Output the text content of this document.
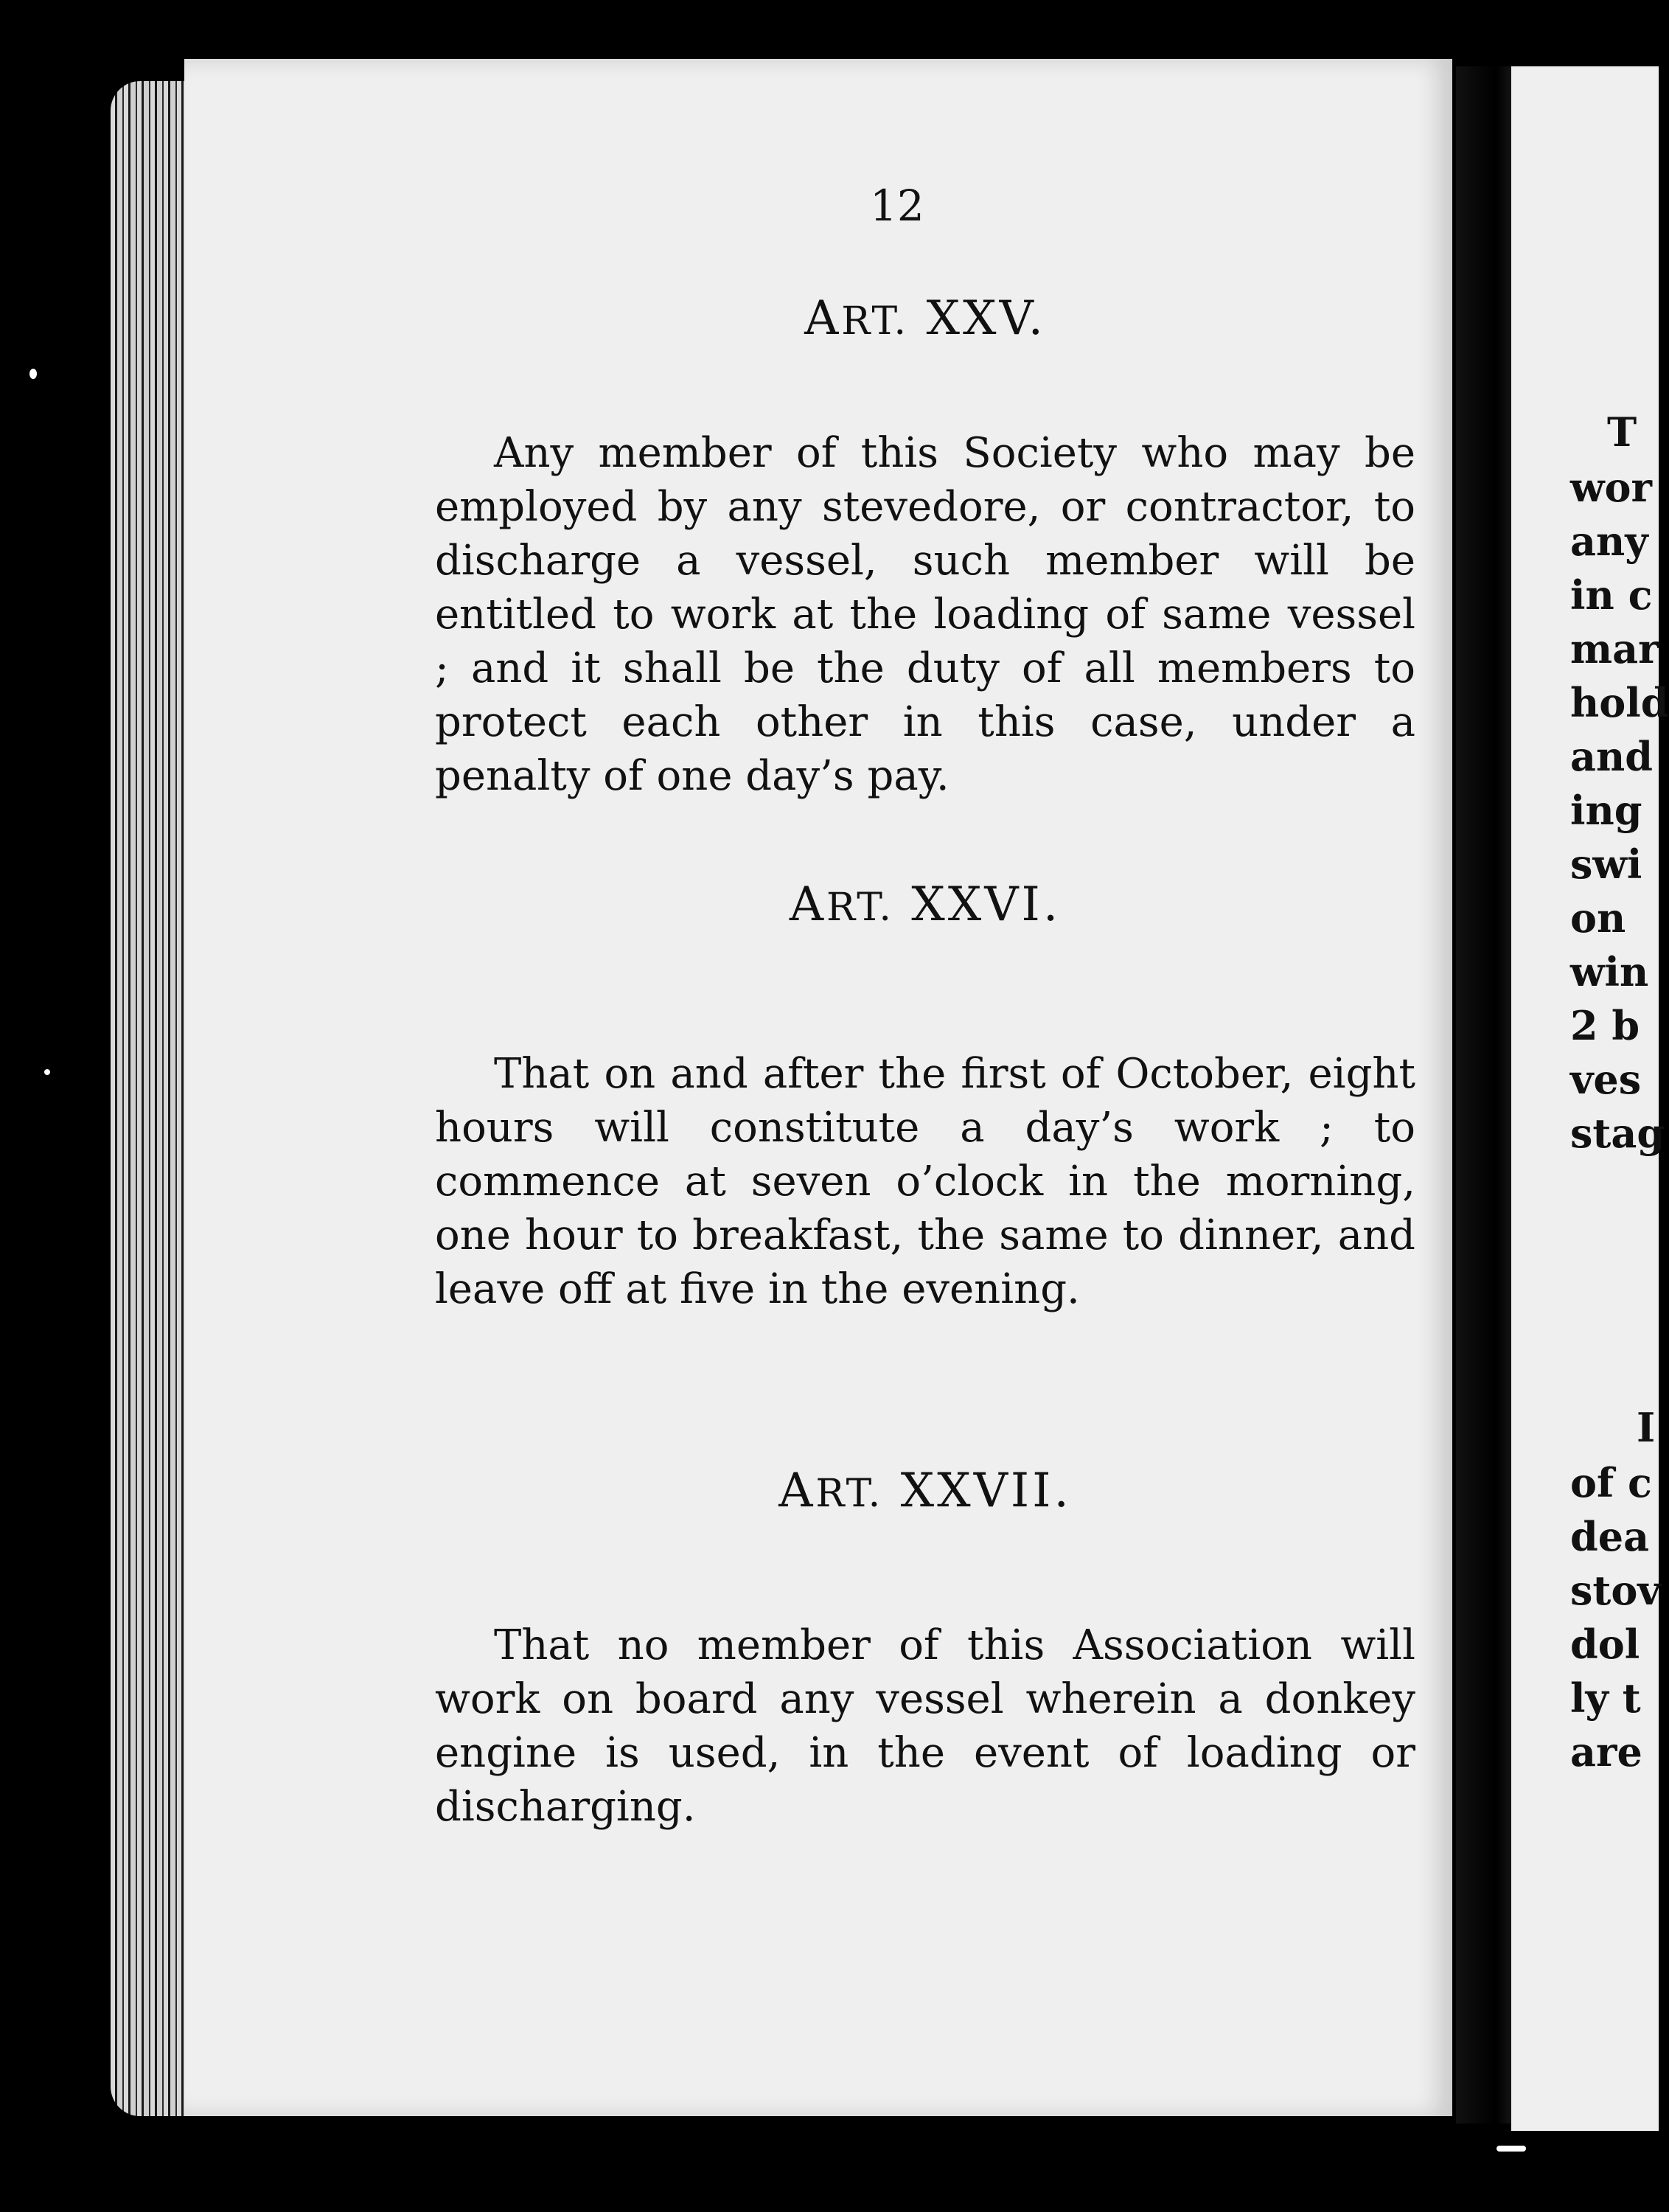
T
wor
any
in c
mar
hold
and
ing
swi
on
win
2 b
ves
stag
I
of c
dea
stov
dol
ly t
are
12
ART. XXV.

Any member of this Society who may be employed by any stevedore, or contractor, to discharge a vessel, such member will be entitled to work at the loading of same vessel ; and it shall be the duty of all members to protect each other in this case, under a penalty of one day’s pay.

ART. XXVI.

That on and after the first of October, eight hours will constitute a day’s work ; to commence at seven o’clock in the morning, one hour to breakfast, the same to dinner, and leave off at five in the evening.

ART. XXVII.

That no member of this Association will work on board any vessel wherein a donkey engine is used, in the event of loading or discharging.
